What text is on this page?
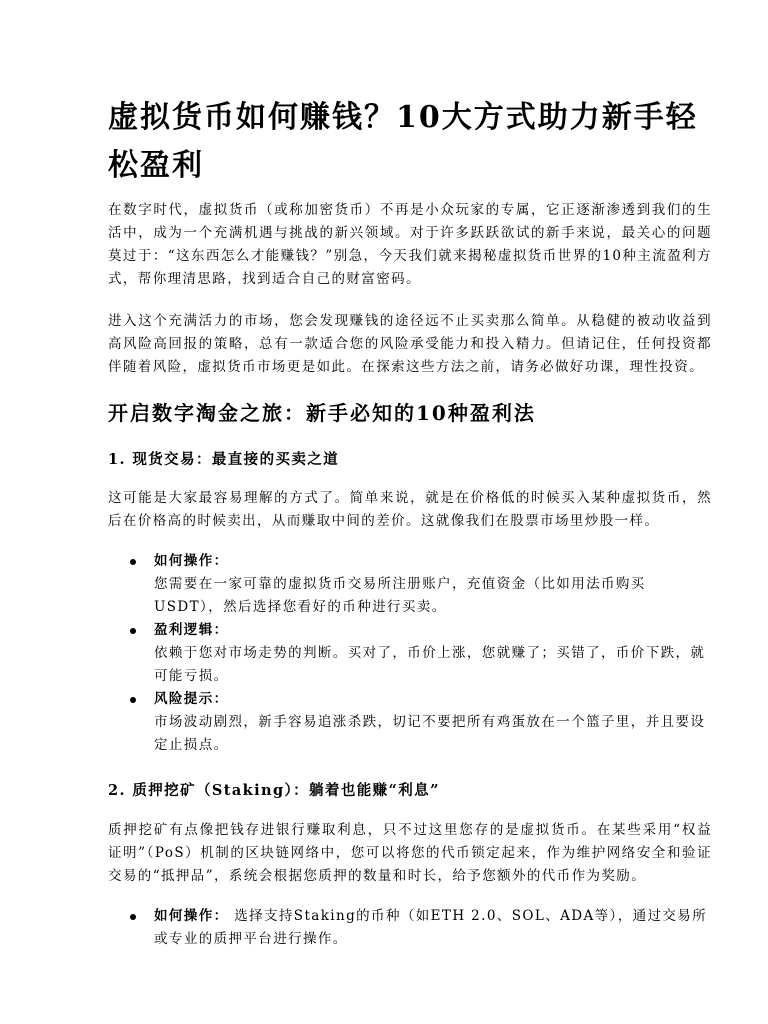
虚拟货币如何赚钱？10大方式助力新手轻松盈利

在数字时代，虚拟货币（或称加密货币）不再是小众玩家的专属，它正逐渐渗透到我们的生活中，成为一个充满机遇与挑战的新兴领域。对于许多跃跃欲试的新手来说，最关心的问题莫过于：“这东西怎么才能赚钱？”别急，今天我们就来揭秘虚拟货币世界的10种主流盈利方式，帮你理清思路，找到适合自己的财富密码。

进入这个充满活力的市场，您会发现赚钱的途径远不止买卖那么简单。从稳健的被动收益到高风险高回报的策略，总有一款适合您的风险承受能力和投入精力。但请记住，任何投资都伴随着风险，虚拟货币市场更是如此。在探索这些方法之前，请务必做好功课，理性投资。

开启数字淘金之旅：新手必知的10种盈利法
1. 现货交易：最直接的买卖之道

这可能是大家最容易理解的方式了。简单来说，就是在价格低的时候买入某种虚拟货币，然后在价格高的时候卖出，从而赚取中间的差价。这就像我们在股票市场里炒股一样。

如何操作：
您需要在一家可靠的虚拟货币交易所注册账户，充值资金（比如用法币购买USDT），然后选择您看好的币种进行买卖。
盈利逻辑：
依赖于您对市场走势的判断。买对了，币价上涨，您就赚了；买错了，币价下跌，就可能亏损。
风险提示：
市场波动剧烈，新手容易追涨杀跌，切记不要把所有鸡蛋放在一个篮子里，并且要设定止损点。
2. 质押挖矿（Staking）：躺着也能赚“利息”

质押挖矿有点像把钱存进银行赚取利息，只不过这里您存的是虚拟货币。在某些采用“权益证明”（PoS）机制的区块链网络中，您可以将您的代币锁定起来，作为维护网络安全和验证交易的“抵押品”，系统会根据您质押的数量和时长，给予您额外的代币作为奖励。

如何操作： 选择支持Staking的币种（如ETH 2.0、SOL、ADA等），通过交易所或专业的质押平台进行操作。
